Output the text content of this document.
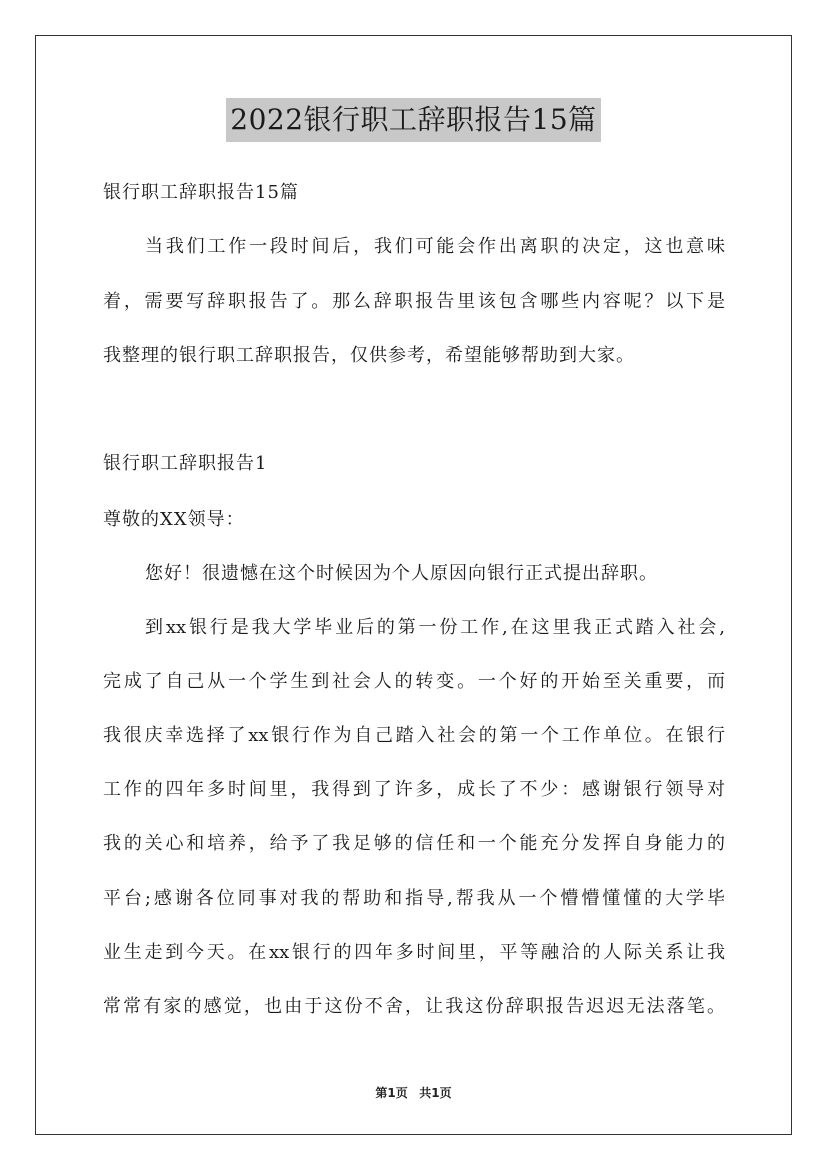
2022银行职工辞职报告15篇
银行职工辞职报告15篇
当我们工作一段时间后，我们可能会作出离职的决定，这也意味
着，需要写辞职报告了。那么辞职报告里该包含哪些内容呢？以下是
我整理的银行职工辞职报告，仅供参考，希望能够帮助到大家。
银行职工辞职报告1
尊敬的XX领导：
您好！很遗憾在这个时候因为个人原因向银行正式提出辞职。
到xx银行是我大学毕业后的第一份工作,在这里我正式踏入社会,
完成了自己从一个学生到社会人的转变。一个好的开始至关重要，而
我很庆幸选择了xx银行作为自己踏入社会的第一个工作单位。在银行
工作的四年多时间里，我得到了许多，成长了不少：感谢银行领导对
我的关心和培养，给予了我足够的信任和一个能充分发挥自身能力的
平台;感谢各位同事对我的帮助和指导,帮我从一个懵懵懂懂的大学毕
业生走到今天。在xx银行的四年多时间里，平等融洽的人际关系让我
常常有家的感觉，也由于这份不舍，让我这份辞职报告迟迟无法落笔。
第1页 共1页
